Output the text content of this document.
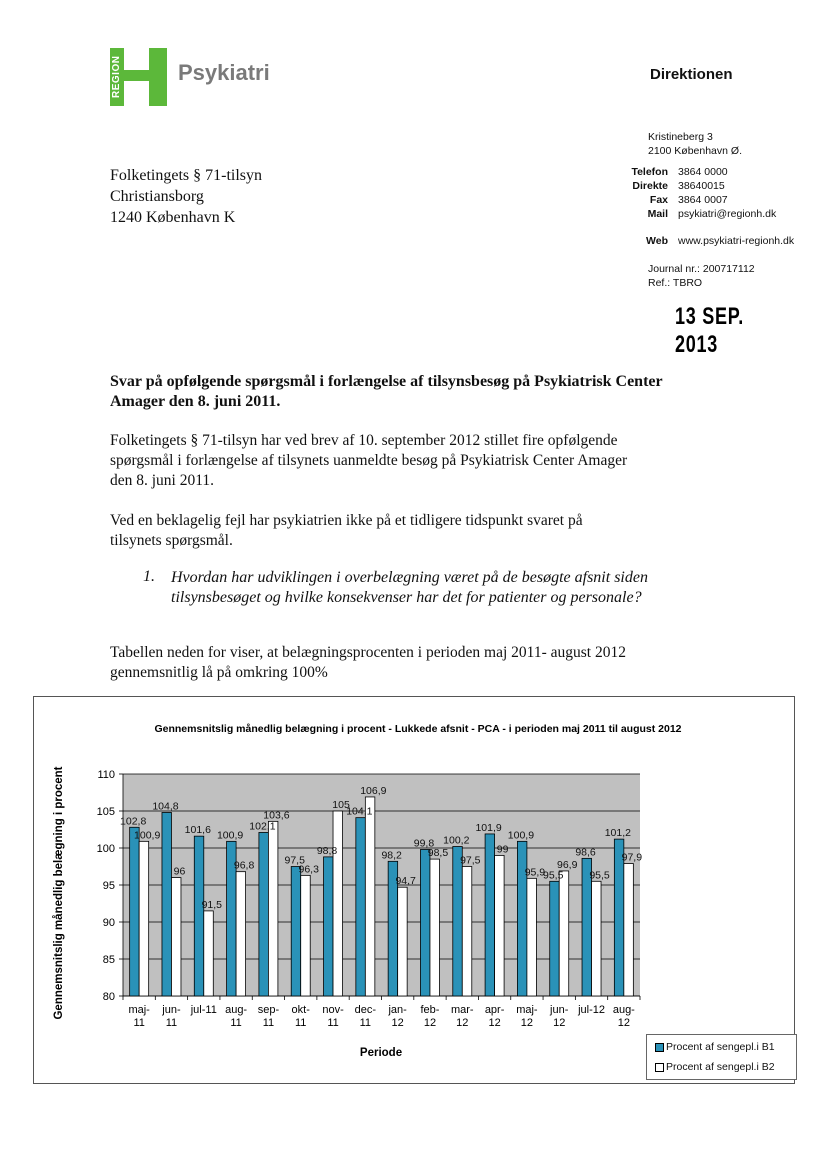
REGION	Psykiatri	Direktionen
Kristineberg 3
2100 København Ø.
Telefon 3864 0000
Direkte 38640015
Fax 3864 0007
Mail psykiatri@regionh.dk
Web www.psykiatri-regionh.dk
Journal nr.: 200717112
Ref.: TBRO
13 SEP. 2013
Folketingets § 71-tilsyn
Christiansborg
1240 København K
Svar på opfølgende spørgsmål i forlængelse af tilsynsbesøg på Psykiatrisk Center Amager den 8. juni 2011.
Folketingets § 71-tilsyn har ved brev af 10. september 2012 stillet fire opfølgende spørgsmål i forlængelse af tilsynets uanmeldte besøg på Psykiatrisk Center Amager den 8. juni 2011.
Ved en beklagelig fejl har psykiatrien ikke på et tidligere tidspunkt svaret på tilsynets spørgsmål.
1. Hvordan har udviklingen i overbelægning været på de besøgte afsnit siden tilsynsbesøget og hvilke konsekvenser har det for patienter og personale?
Tabellen neden for viser, at belægningsprocenten i perioden maj 2011- august 2012 gennemsnitlig lå på omkring 100%
80
85
90
95
100
105
110
maj-
11
jun-
11
jul-11 aug-
11
sep-
11
okt-
11
nov-
11
dec-
11
jan-
12
feb-
12
mar-
12
apr-
12
maj-
12
jun-
12
jul-12 aug-
12
102,8
100,9
104,8
96
101,6
91,5
100,9
96,8
102,1
103,6
97,5
96,3
98,8
105
104,1
106,9
98,2
94,7
99,8
98,5
100,2
97,5
101,9
99
100,9
95,9
95,5
96,9
98,6
95,5
101,2
97,9
Gennemsnitslig månedlig belægning i procent - Lukkede afsnit - PCA - i perioden maj 2011 til august 2012
Periode
Gennemsnitslig månedlig belægning i procent
Procent af sengepl.i B1
Procent af sengepl.i B2
